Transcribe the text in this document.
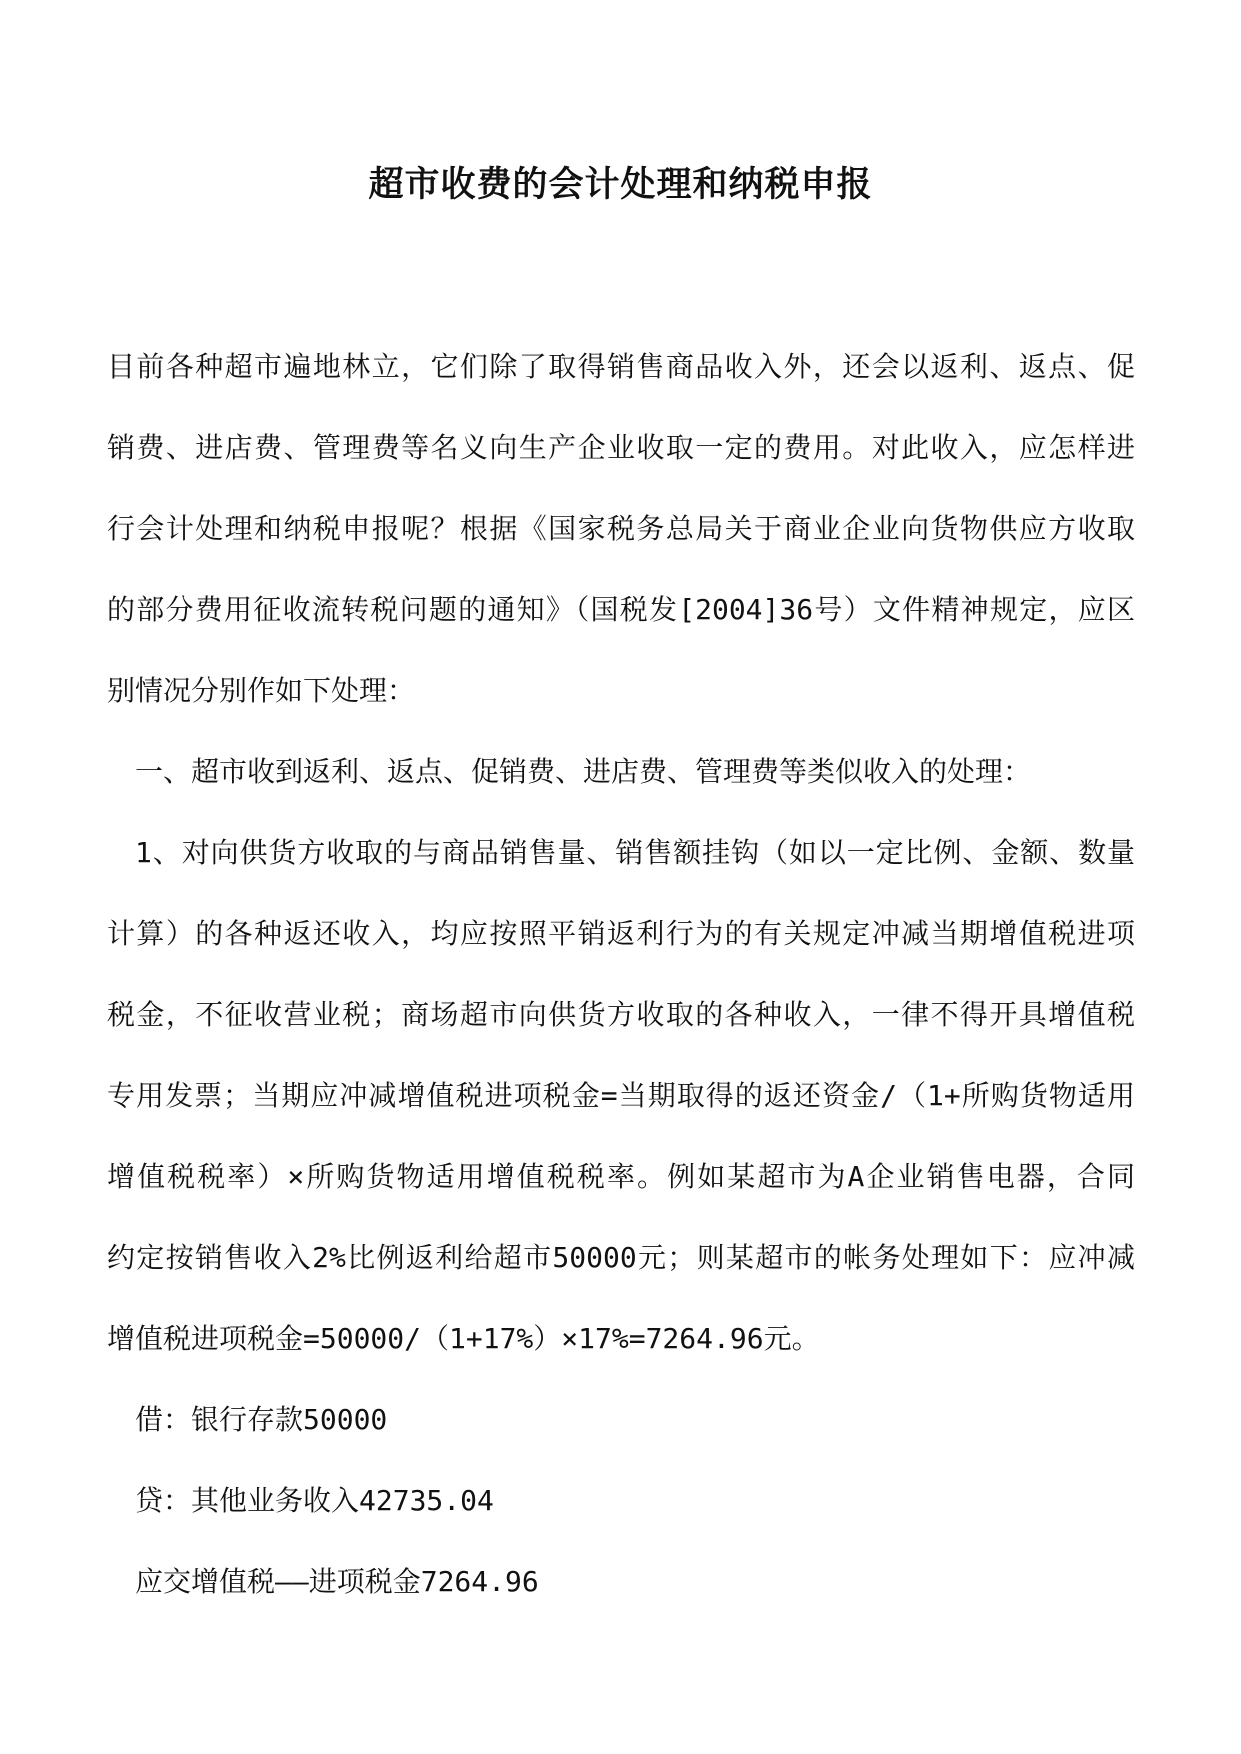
超市收费的会计处理和纳税申报
目前各种超市遍地林立，它们除了取得销售商品收入外，还会以返利、返点、促
销费、进店费、管理费等名义向生产企业收取一定的费用。对此收入，应怎样进
行会计处理和纳税申报呢？根据《国家税务总局关于商业企业向货物供应方收取
的部分费用征收流转税问题的通知》（国税发[2004]36号）文件精神规定，应区
别情况分别作如下处理：
一、超市收到返利、返点、促销费、进店费、管理费等类似收入的处理：
1、对向供货方收取的与商品销售量、销售额挂钩（如以一定比例、金额、数量
计算）的各种返还收入，均应按照平销返利行为的有关规定冲减当期增值税进项
税金，不征收营业税；商场超市向供货方收取的各种收入，一律不得开具增值税
专用发票；当期应冲减增值税进项税金=当期取得的返还资金/（1+所购货物适用
增值税税率）×所购货物适用增值税税率。例如某超市为A企业销售电器，合同
约定按销售收入2%比例返利给超市50000元；则某超市的帐务处理如下：应冲减
增值税进项税金=50000/（1+17%）×17%=7264.96元。
借：银行存款50000
贷：其他业务收入42735.04
应交增值税——进项税金7264.96
